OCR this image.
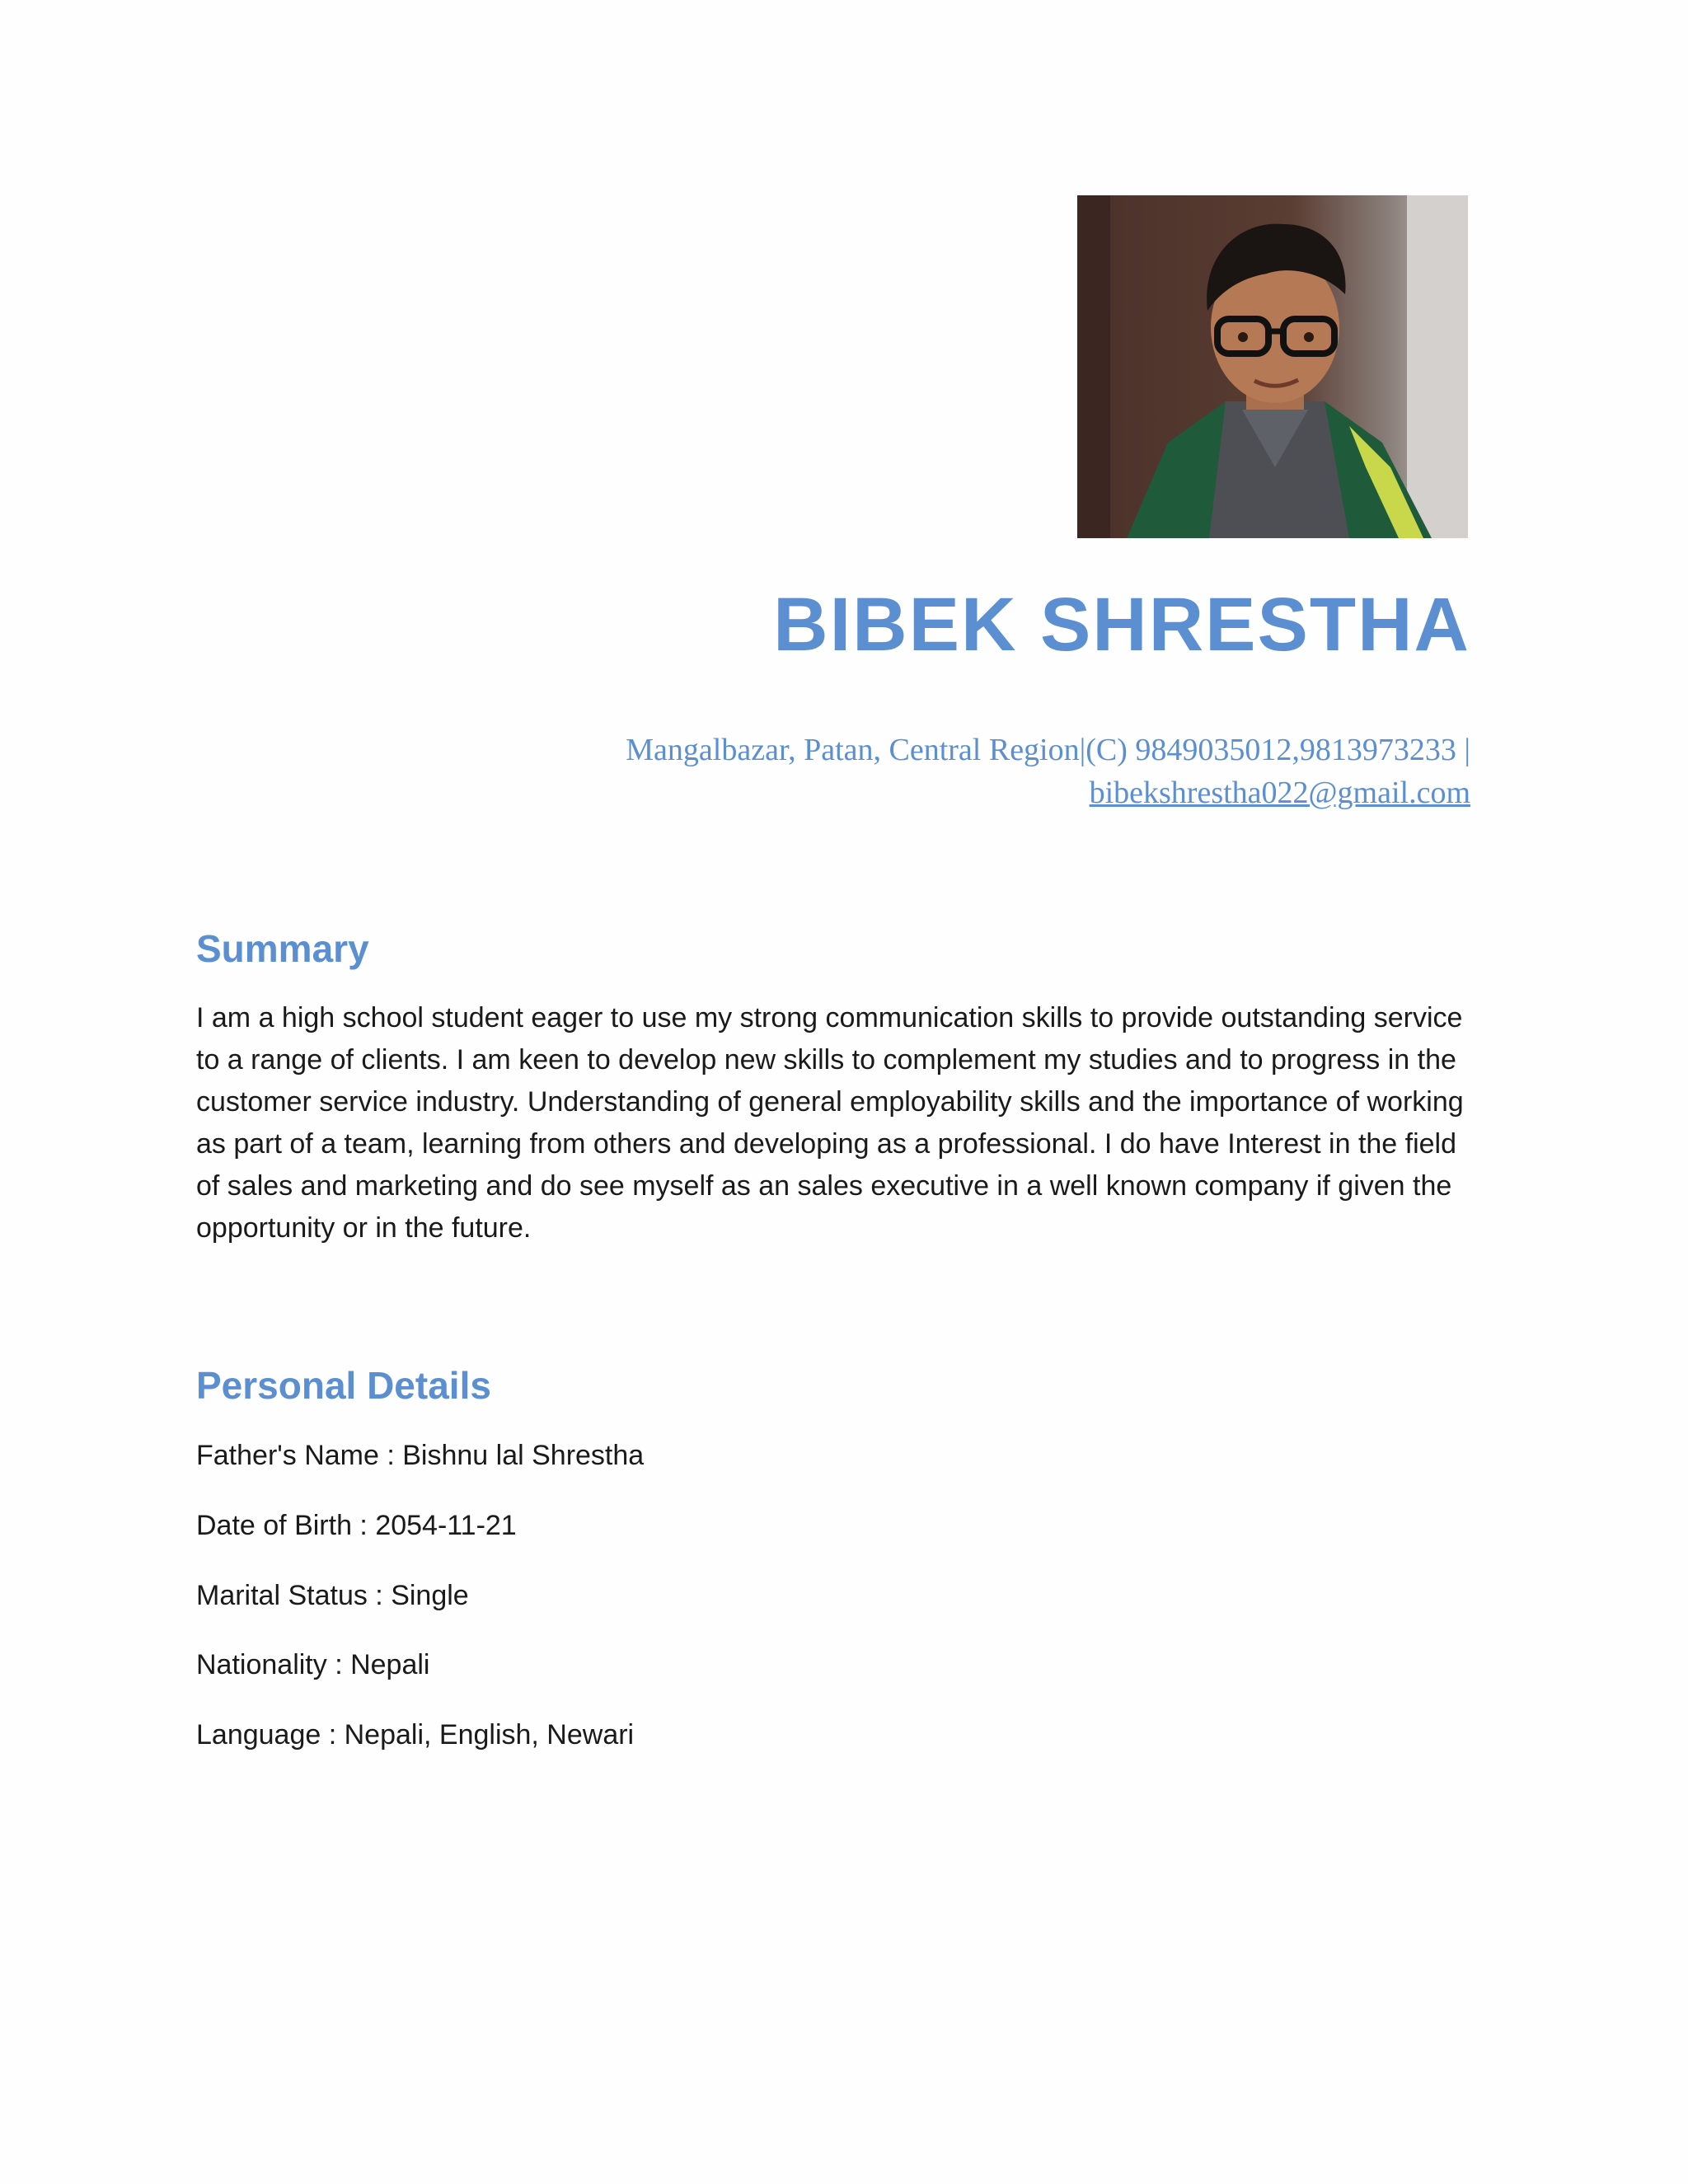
BIBEK SHRESTHA
Mangalbazar, Patan, Central Region|(C) 9849035012,9813973233 |
bibekshrestha022@gmail.com
Summary

I am a high school student eager to use my strong communication skills to provide outstanding service to a range of clients. I am keen to develop new skills to complement my studies and to progress in the customer service industry. Understanding of general employability skills and the importance of working as part of a team, learning from others and developing as a professional. I do have Interest in the field of sales and marketing and do see myself as an sales executive in a well known company if given the opportunity or in the future.

Personal Details

Father's Name : Bishnu lal Shrestha

Date of Birth : 2054-11-21

Marital Status : Single

Nationality : Nepali

Language : Nepali, English, Newari
